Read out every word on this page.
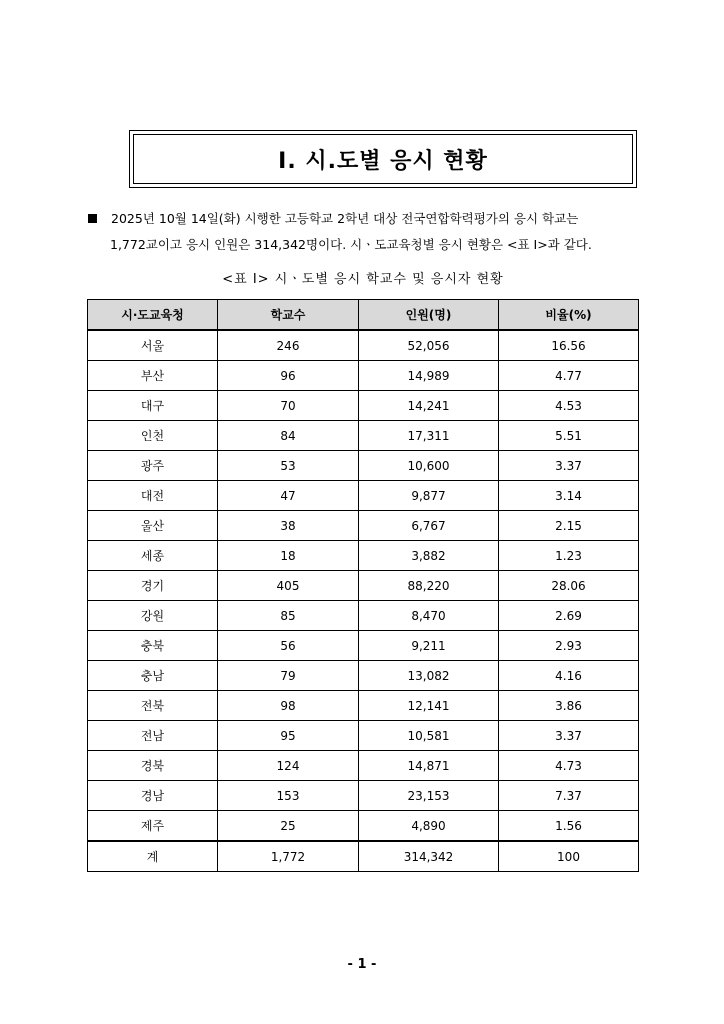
I. 시.도별 응시 현황
2025년 10월 14일(화) 시행한 고등학교 2학년 대상 전국연합학력평가의 응시 학교는
1,772교이고 응시 인원은 314,342명이다. 시ㆍ도교육청별 응시 현황은 <표 Ⅰ>과 같다.
<표 Ⅰ> 시ㆍ도별 응시 학교수 및 응시자 현황
시·도교육청	학교수	인원(명)	비율(%)
서울	246	52,056	16.56
부산	96	14,989	4.77
대구	70	14,241	4.53
인천	84	17,311	5.51
광주	53	10,600	3.37
대전	47	9,877	3.14
울산	38	6,767	2.15
세종	18	3,882	1.23
경기	405	88,220	28.06
강원	85	8,470	2.69
충북	56	9,211	2.93
충남	79	13,082	4.16
전북	98	12,141	3.86
전남	95	10,581	3.37
경북	124	14,871	4.73
경남	153	23,153	7.37
제주	25	4,890	1.56
계	1,772	314,342	100
- 1 -
